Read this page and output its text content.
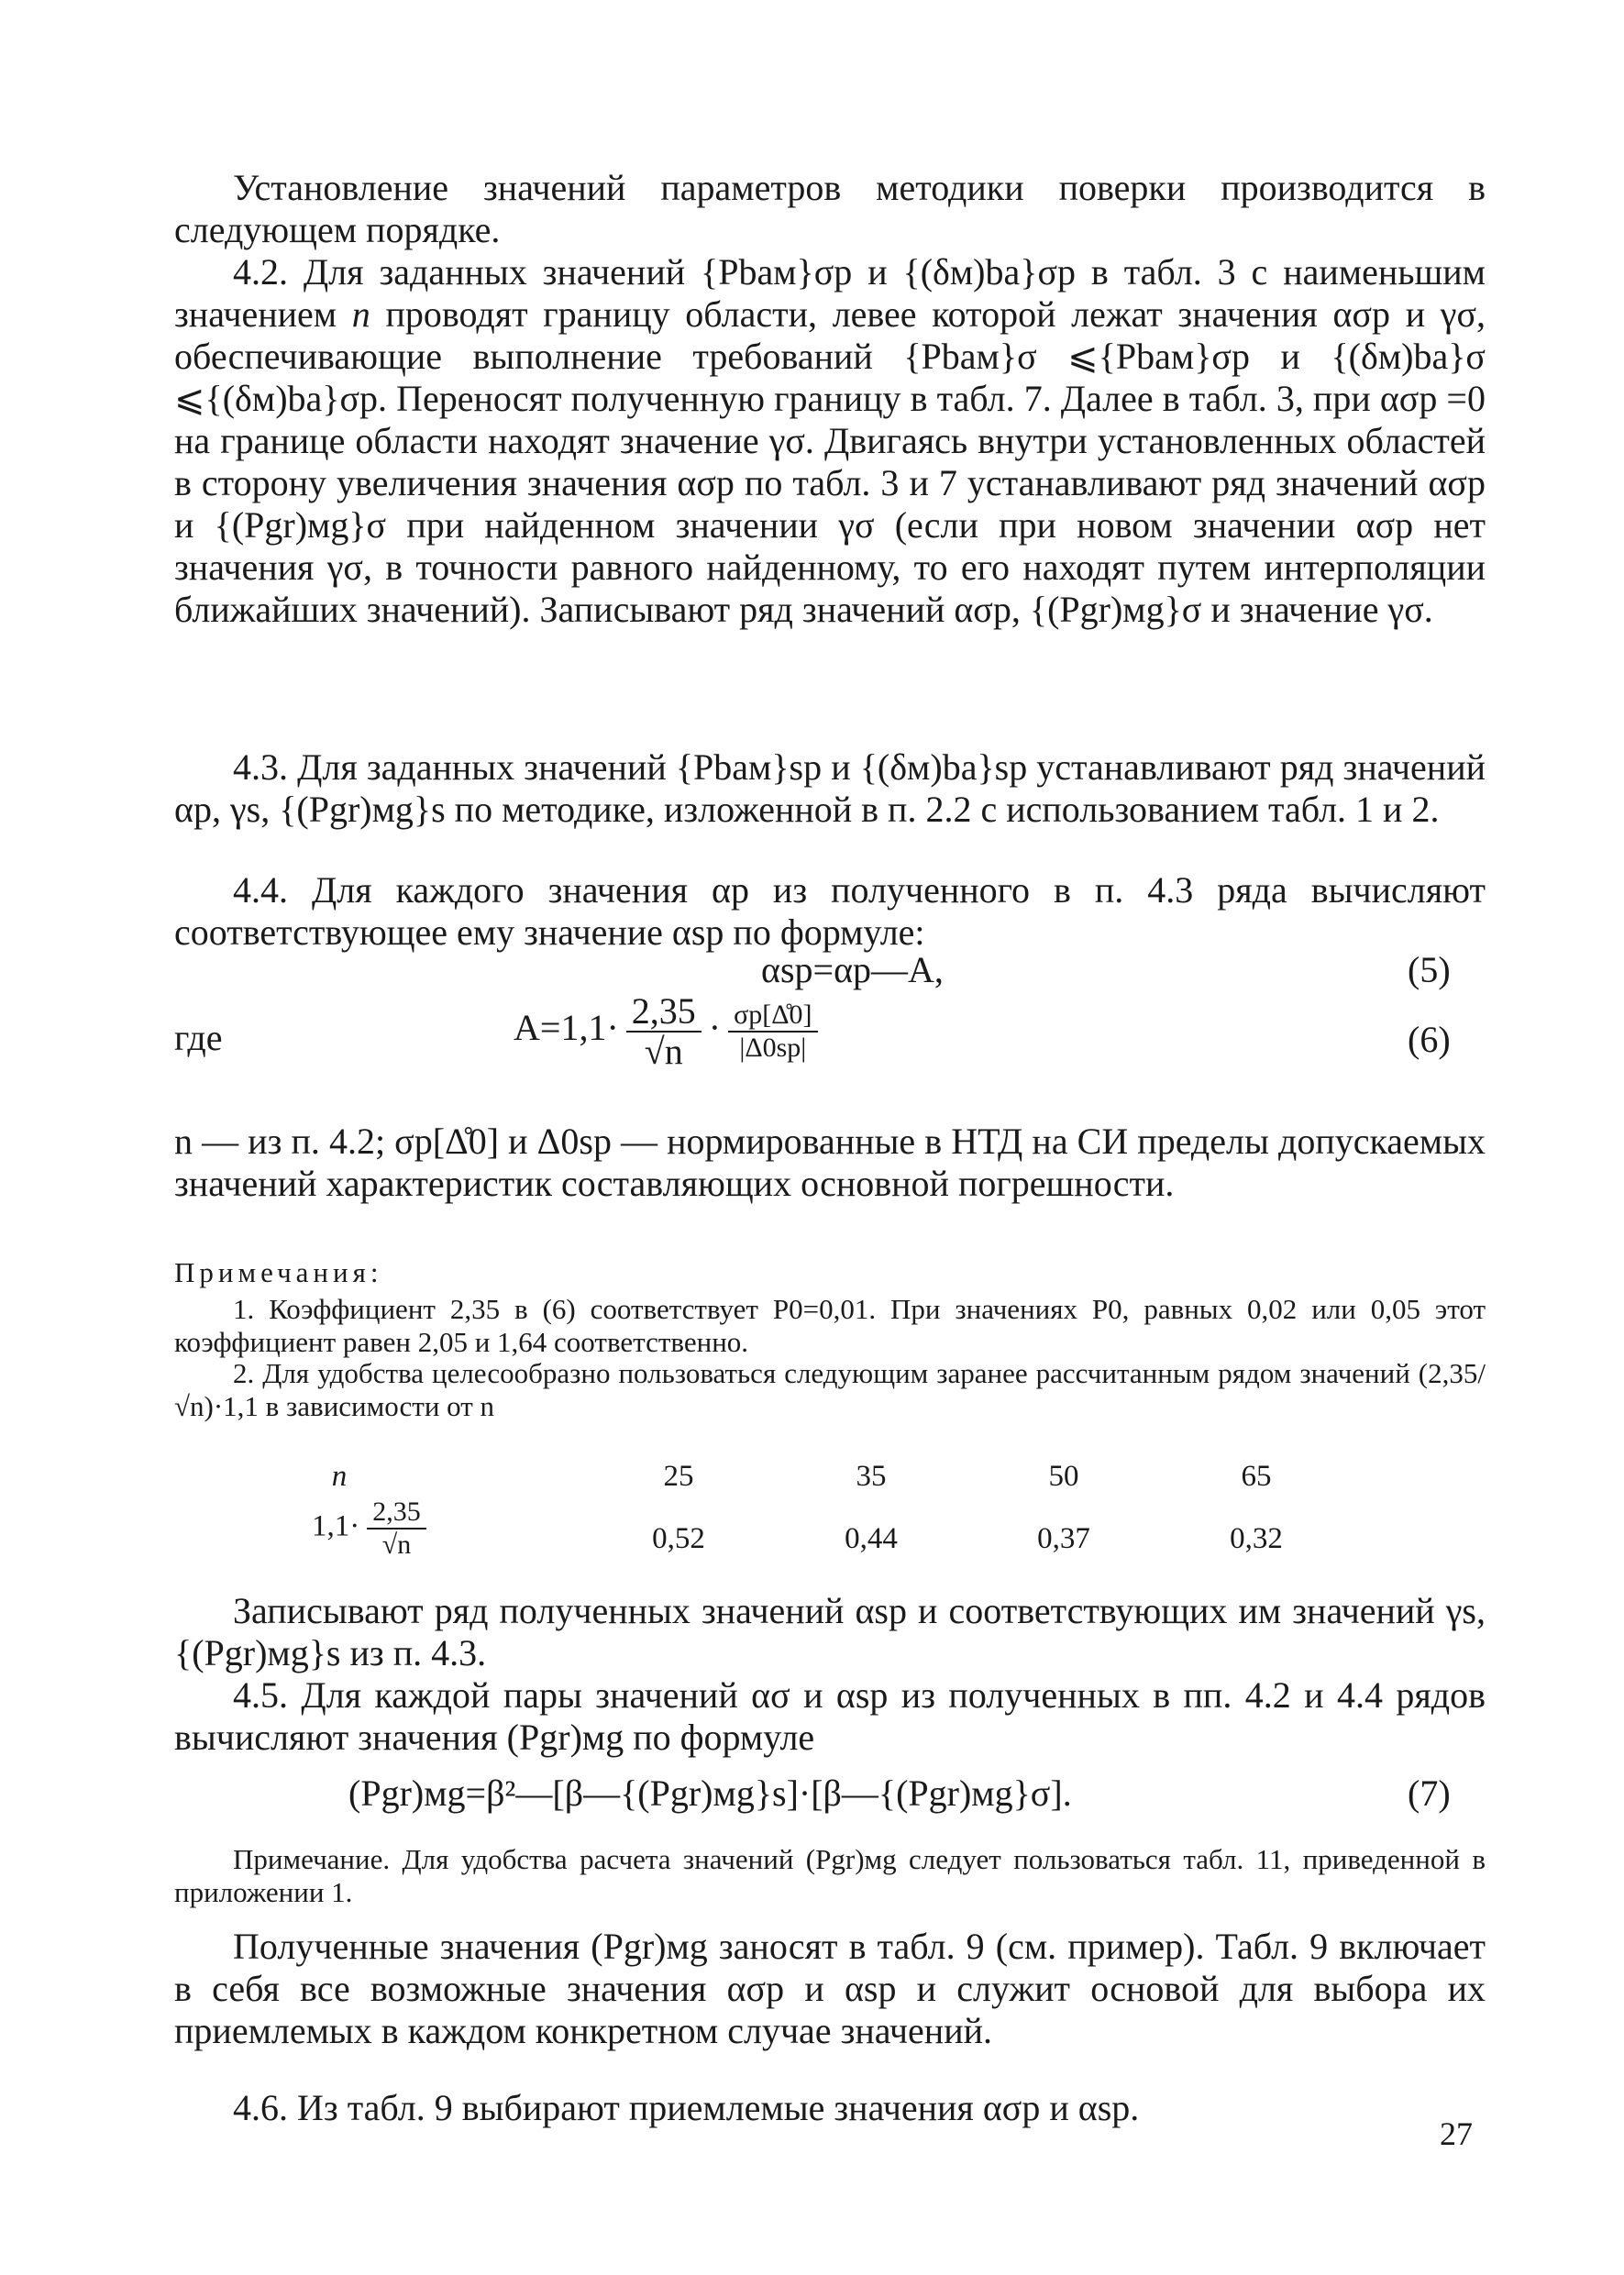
Установление значений параметров методики поверки производится в следующем порядке.

4.2. Для заданных значений {Pbaм}σp и {(δм)ba}σp в табл. 3 с наименьшим значением n проводят границу области, левее которой лежат значения ασp и γσ, обеспечивающие выполнение требований {Pbaм}σ ⩽{Pbaм}σp и {(δм)ba}σ ⩽{(δм)ba}σp. Переносят полученную границу в табл. 7. Далее в табл. 3, при ασp =0 на границе области находят значение γσ. Двигаясь внутри установленных областей в сторону увеличения значения ασp по табл. 3 и 7 устанавливают ряд значений ασp и {(Pgr)мg}σ при найденном значении γσ (если при новом значении ασp нет значения γσ, в точности равного найденному, то его находят путем интерполяции ближайших значений). Записывают ряд значений ασp, {(Pgr)мg}σ и значение γσ.

4.3. Для заданных значений {Pbaм}sp и {(δм)ba}sp устанавливают ряд значений αp, γs, {(Pgr)мg}s по методике, изложенной в п. 2.2 с использованием табл. 1 и 2.

4.4. Для каждого значения αp из полученного в п. 4.3 ряда вычисляют соответствующее ему значение αsp по формуле:

αsp=αp—A,	(5)
где	$A=1,1\cdot \frac{2,35}{√n} \cdot \frac{\sigma p[\Deltå0]}{|\Delta 0sp|}$	(6)

n — из п. 4.2; σp[Δ̊0] и Δ0sp — нормированные в НТД на СИ пределы допускаемых значений характеристик составляющих основной погрешности.

Примечания:

1. Коэффициент 2,35 в (6) соответствует P0=0,01. При значениях P0, равных 0,02 или 0,05 этот коэффициент равен 2,05 и 1,64 соответственно.

2. Для удобства целесообразно пользоваться следующим заранее рассчитанным рядом значений (2,35/√n)·1,1 в зависимости от n

n	25	35	50	65
$1,1\cdot \frac{2,35}{√n}$	0,52	0,44	0,37	0,32

Записывают ряд полученных значений αsp и соответствующих им значений γs, {(Pgr)мg}s из п. 4.3.

4.5. Для каждой пары значений ασ и αsp из полученных в пп. 4.2 и 4.4 рядов вычисляют значения (Pgr)мg по формуле

(Pgr)мg=β²—[β—{(Pgr)мg}s]·[β—{(Pgr)мg}σ].	(7)

Примечание. Для удобства расчета значений (Pgr)мg следует пользоваться табл. 11, приведенной в приложении 1.

Полученные значения (Pgr)мg заносят в табл. 9 (см. пример). Табл. 9 включает в себя все возможные значения ασp и αsp и служит основой для выбора их приемлемых в каждом конкретном случае значений.

4.6. Из табл. 9 выбирают приемлемые значения ασp и αsp.

27
